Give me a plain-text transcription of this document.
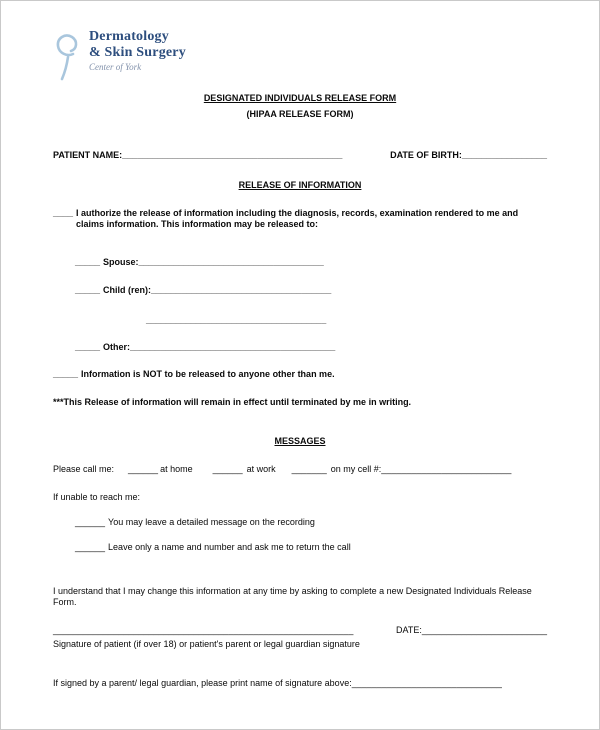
Dermatology
& Skin Surgery
Center of York
DESIGNATED INDIVIDUALS RELEASE FORM
(HIPAA RELEASE FORM)
PATIENT NAME:____________________________________________	DATE OF BIRTH:_________________
RELEASE OF INFORMATION
____ I authorize the release of information including the diagnosis, records, examination rendered to me and claims information. This information may be released to:
_____ Spouse:_____________________________________
_____ Child (ren):____________________________________
____________________________________
_____ Other:_________________________________________
_____ Information is NOT to be released to anyone other than me.
***This Release of information will remain in effect until terminated by me in writing.
MESSAGES
Please call me: ______ at home ______ at work _______ on my cell #:__________________________
If unable to reach me:
______ You may leave a detailed message on the recording
______ Leave only a name and number and ask me to return the call
I understand that I may change this information at any time by asking to complete a new Designated Individuals Release Form.
____________________________________________________________	DATE:_________________________
Signature of patient (if over 18) or patient's parent or legal guardian signature
If signed by a parent/ legal guardian, please print name of signature above:______________________________
